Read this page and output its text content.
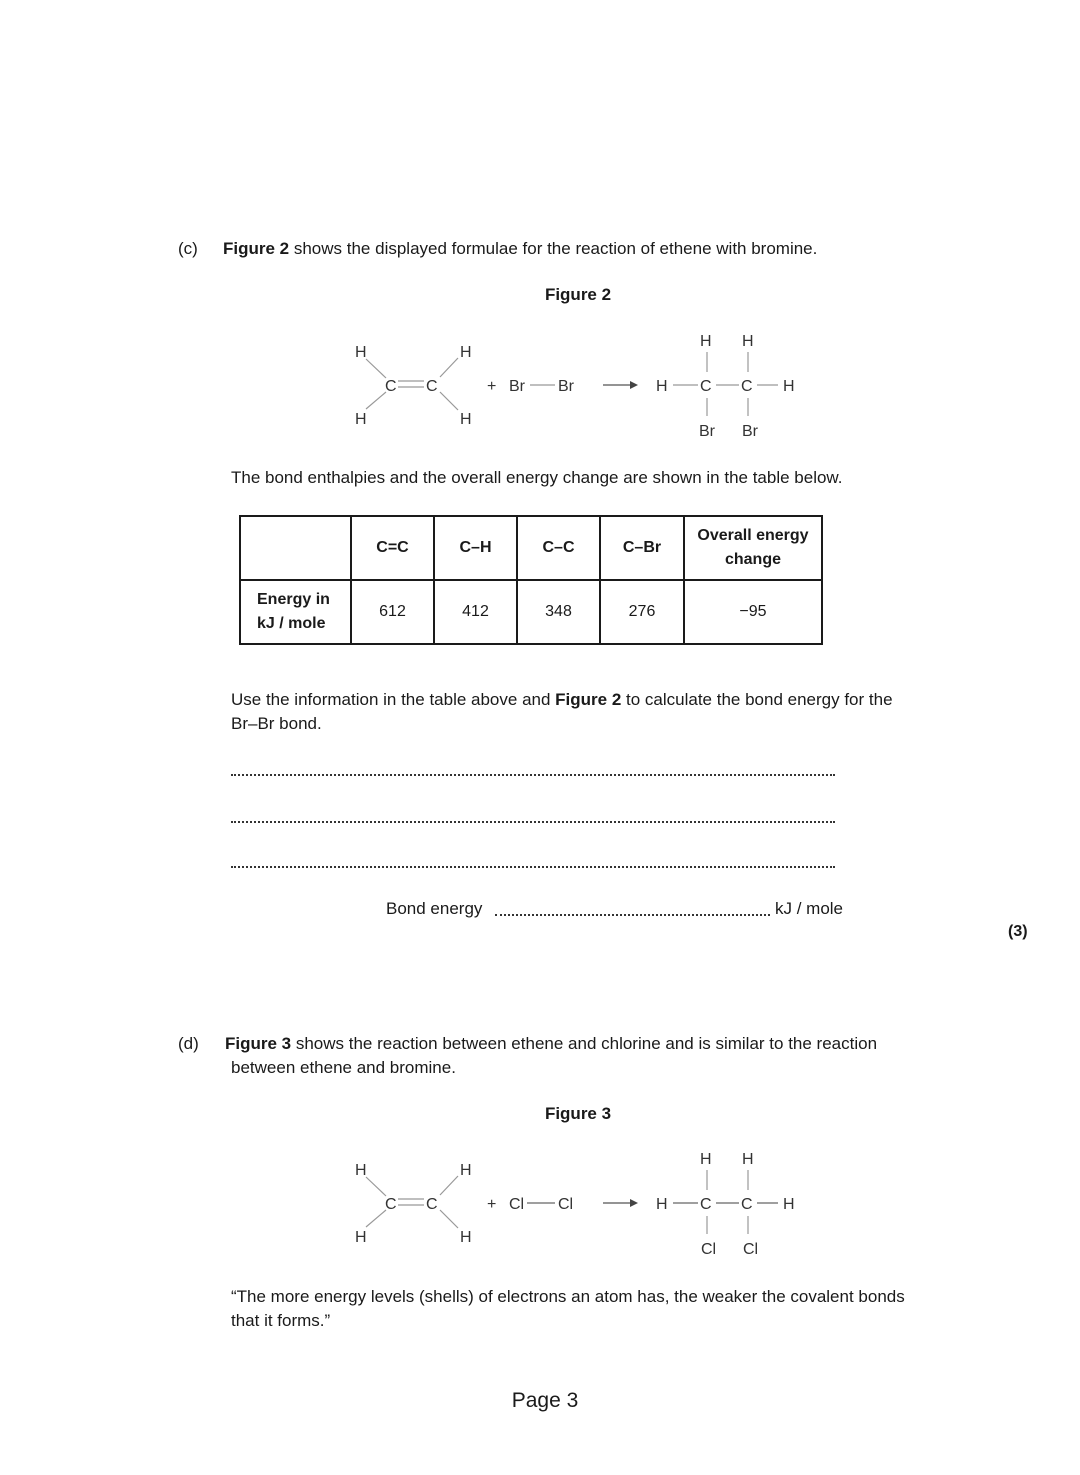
(c) Figure 2 shows the displayed formulae for the reaction of ethene with bromine.
Figure 2
H
H
H
H
C C	+ Br Br
H H
H C C H
Br Br
The bond enthalpies and the overall energy change are shown in the table below.
	C=C	C–H	C–C	C–Br	Overall energy change
Energy in
kJ / mole	612	412	348	276	−95
Use the information in the table above and Figure 2 to calculate the bond energy for the
Br–Br bond.
Bond energy	kJ / mole
(3)
(d) Figure 3 shows the reaction between ethene and chlorine and is similar to the reaction
between ethene and bromine.
Figure 3
H
H
H
H
C C	+ Cl Cl
H H
H C C H
Cl Cl
“The more energy levels (shells) of electrons an atom has, the weaker the covalent bonds
that it forms.”
Page 3
